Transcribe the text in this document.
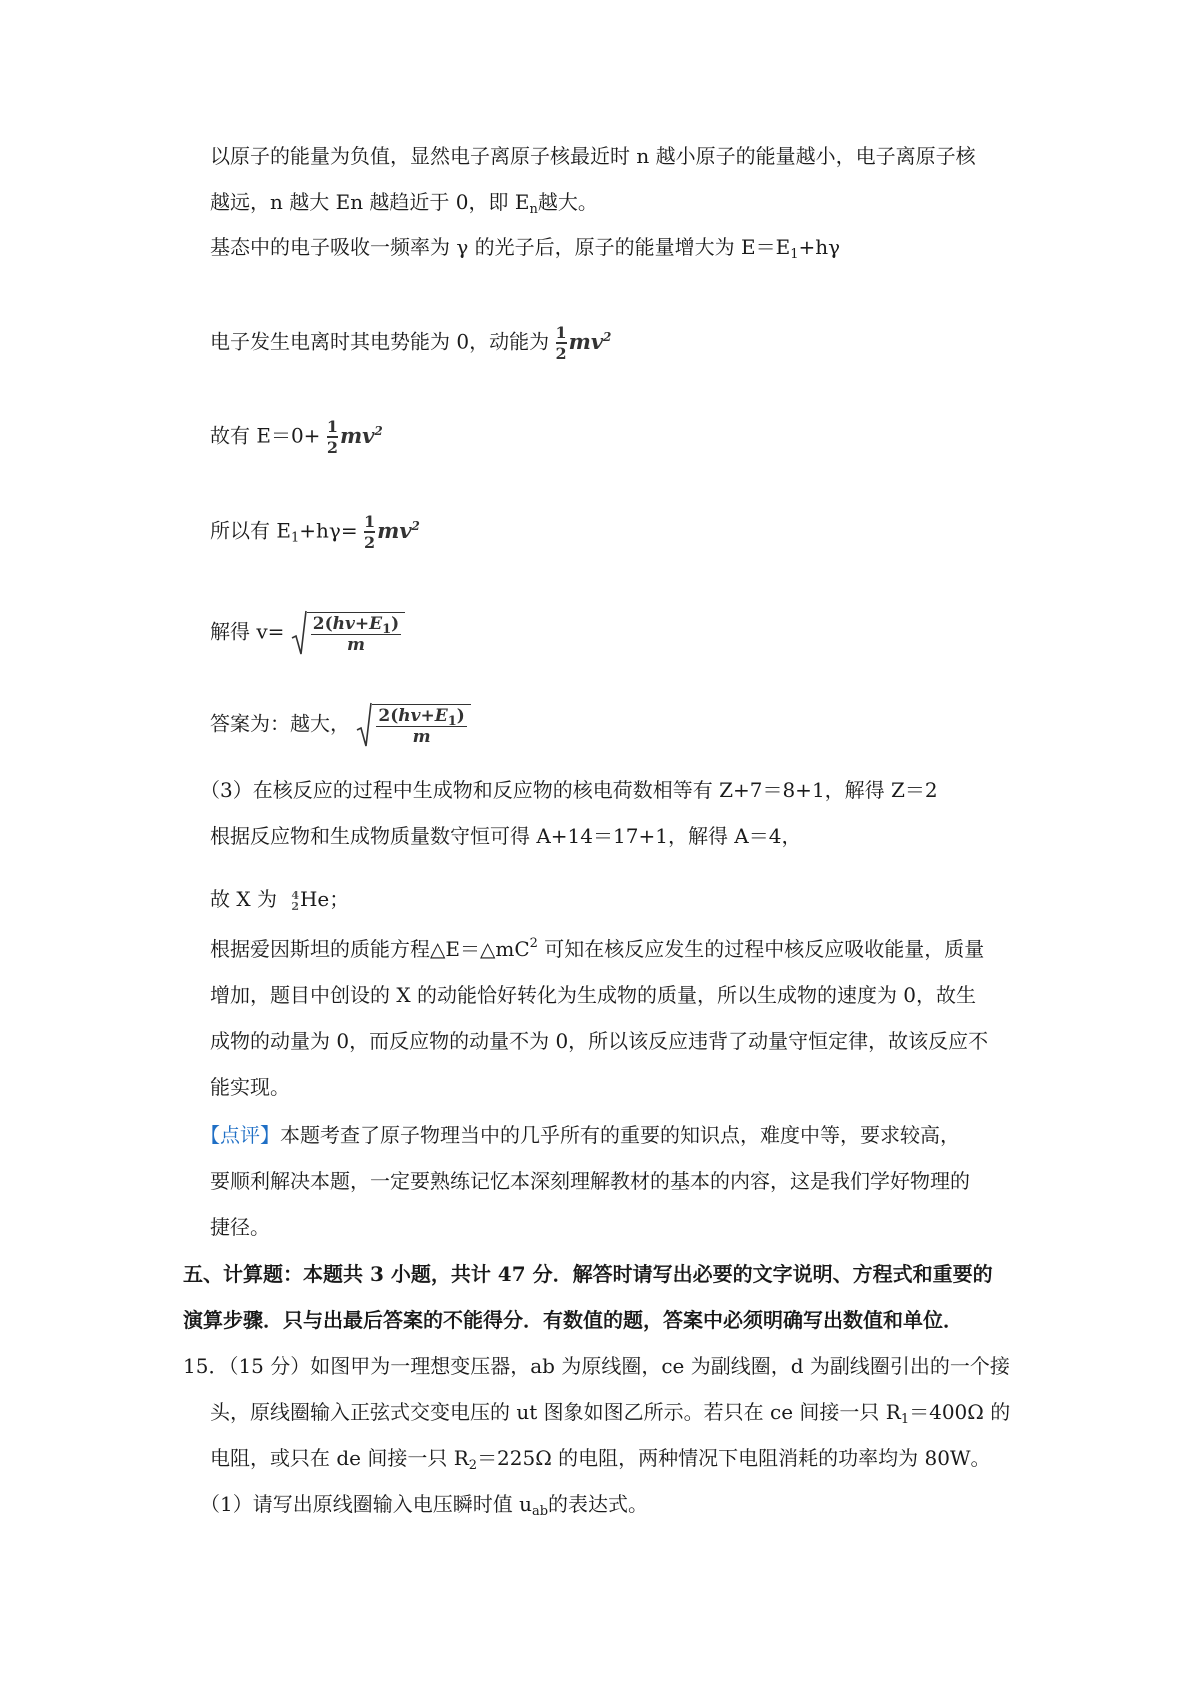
以原子的能量为负值，显然电子离原子核最近时 n 越小原子的能量越小，电子离原子核
越远，n 越大 En 越趋近于 0，即 $E_n$越大。
基态中的电子吸收一频率为 γ 的光子后，原子的能量增大为 $E=E_1+h\gamma$
电子发生电离时其电势能为 0，动能为 $\frac{1}{2} mv^2$
故有 $E=0+ \frac{1}{2} mv^2$
所以有 $E_1+h\gamma= \frac{1}{2} mv^2$
解得 $v= 2(hv+E_1)$
m
答案为：越大， $2(hv+E_1)$
m
（3）在核反应的过程中生成物和反应物的核电荷数相等有 Z+7＝8+1，解得 Z＝2
根据反应物和生成物质量数守恒可得 A+14＝17+1，解得 A＝4，
故 X 为 4
2 He；
根据爱因斯坦的质能方程$\triangle E=\triangle mC^2$ 可知在核反应发生的过程中核反应吸收能量，质量
增加，题目中创设的 X 的动能恰好转化为生成物的质量，所以生成物的速度为 0，故生
成物的动量为 0，而反应物的动量不为 0，所以该反应违背了动量守恒定律，故该反应不
能实现。
【点评】本题考查了原子物理当中的几乎所有的重要的知识点，难度中等，要求较高，
要顺利解决本题，一定要熟练记忆本深刻理解教材的基本的内容，这是我们学好物理的
捷径。
五、计算题：本题共 3 小题，共计 47 分．解答时请写出必要的文字说明、方程式和重要的
演算步骤．只与出最后答案的不能得分．有数值的题，答案中必须明确写出数值和单位．
15．（15 分）如图甲为一理想变压器，ab 为原线圈，ce 为副线圈，d 为副线圈引出的一个接
头，原线圈输入正弦式交变电压的 ut 图象如图乙所示。若只在 ce 间接一只 $R_1=400\Omega$ 的
电阻，或只在 de 间接一只 $R_2=225\Omega$ 的电阻，两种情况下电阻消耗的功率均为 80W。
（1）请写出原线圈输入电压瞬时值 $u_{ab}$的表达式。
